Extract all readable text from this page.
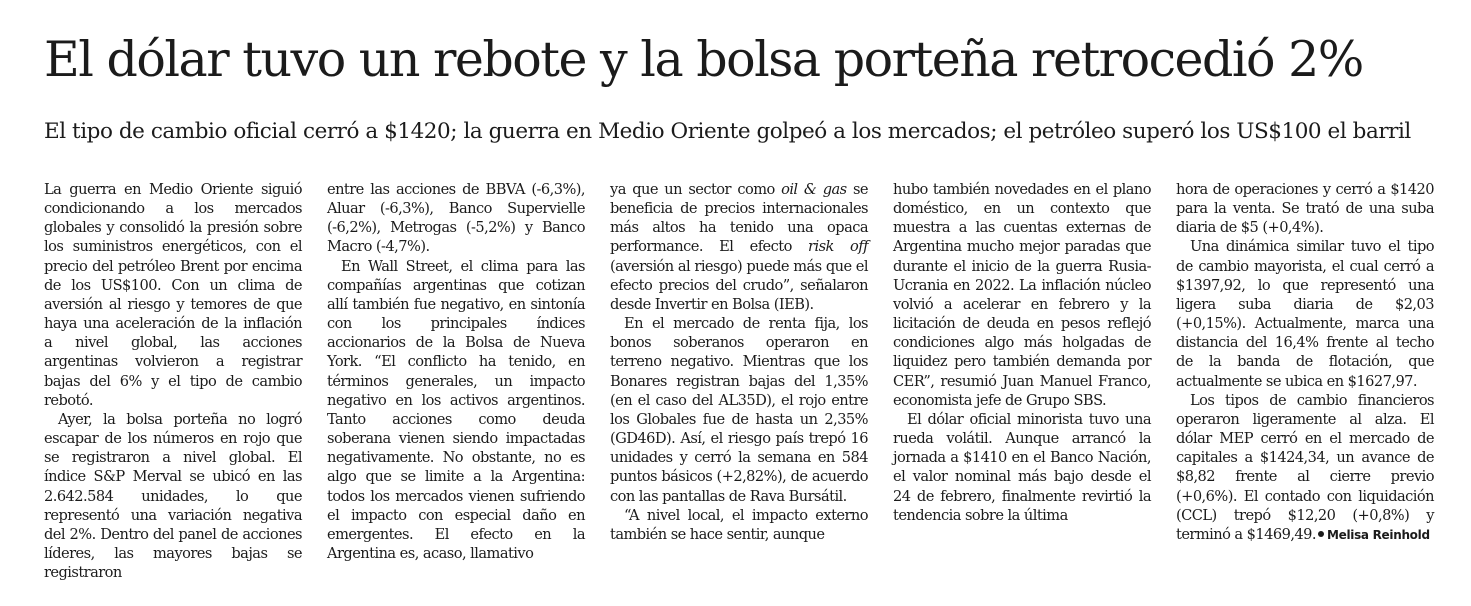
El dólar tuvo un rebote y la bolsa porteña retrocedió 2%
El tipo de cambio oficial cerró a $1420; la guerra en Medio Oriente golpeó a los mercados; el petróleo superó los US$100 el barril

La guerra en Medio Oriente siguió condicionando a los mercados globales y consolidó la presión sobre los suministros energéticos, con el precio del petróleo Brent por encima de los US$100. Con un clima de aversión al riesgo y temores de que haya una aceleración de la inflación a nivel global, las acciones argentinas volvieron a registrar bajas del 6% y el tipo de cambio rebotó.

Ayer, la bolsa porteña no logró escapar de los números en rojo que se registraron a nivel global. El índice S&P Merval se ubicó en las 2.642.584 unidades, lo que representó una variación negativa del 2%. Dentro del panel de acciones líderes, las mayores bajas se registraron

entre las acciones de BBVA (-6,3%), Aluar (-6,3%), Banco Supervielle (-6,2%), Metrogas (-5,2%) y Banco Macro (-4,7%).

En Wall Street, el clima para las compañías argentinas que cotizan allí también fue negativo, en sintonía con los principales índices accionarios de la Bolsa de Nueva York. “El conflicto ha tenido, en términos generales, un impacto negativo en los activos argentinos. Tanto acciones como deuda soberana vienen siendo impactadas negativamente. No obstante, no es algo que se limite a la Argentina: todos los mercados vienen sufriendo el impacto con especial daño en emergentes. El efecto en la Argentina es, acaso, llamativo

ya que un sector como oil & gas se beneficia de precios internacionales más altos ha tenido una opaca performance. El efecto risk off (aversión al riesgo) puede más que el efecto precios del crudo”, señalaron desde Invertir en Bolsa (IEB).

En el mercado de renta fija, los bonos soberanos operaron en terreno negativo. Mientras que los Bonares registran bajas del 1,35% (en el caso del AL35D), el rojo entre los Globales fue de hasta un 2,35% (GD46D). Así, el riesgo país trepó 16 unidades y cerró la semana en 584 puntos básicos (+2,82%), de acuerdo con las pantallas de Rava Bursátil.

“A nivel local, el impacto externo también se hace sentir, aunque

hubo también novedades en el plano doméstico, en un contexto que muestra a las cuentas externas de Argentina mucho mejor paradas que durante el inicio de la guerra Rusia-Ucrania en 2022. La inflación núcleo volvió a acelerar en febrero y la licitación de deuda en pesos reflejó condiciones algo más holgadas de liquidez pero también demanda por CER”, resumió Juan Manuel Franco, economista jefe de Grupo SBS.

El dólar oficial minorista tuvo una rueda volátil. Aunque arrancó la jornada a $1410 en el Banco Nación, el valor nominal más bajo desde el 24 de febrero, finalmente revirtió la tendencia sobre la última

hora de operaciones y cerró a $1420 para la venta. Se trató de una suba diaria de $5 (+0,4%).

Una dinámica similar tuvo el tipo de cambio mayorista, el cual cerró a $1397,92, lo que representó una ligera suba diaria de $2,03 (+0,15%). Actualmente, marca una distancia del 16,4% frente al techo de la banda de flotación, que actualmente se ubica en $1627,97.

Los tipos de cambio financieros operaron ligeramente al alza. El dólar MEP cerró en el mercado de capitales a $1424,34, un avance de $8,82 frente al cierre previo (+0,6%). El contado con liquidación (CCL) trepó $12,20 (+0,8%) y terminó a $1469,49. Melisa Reinhold
